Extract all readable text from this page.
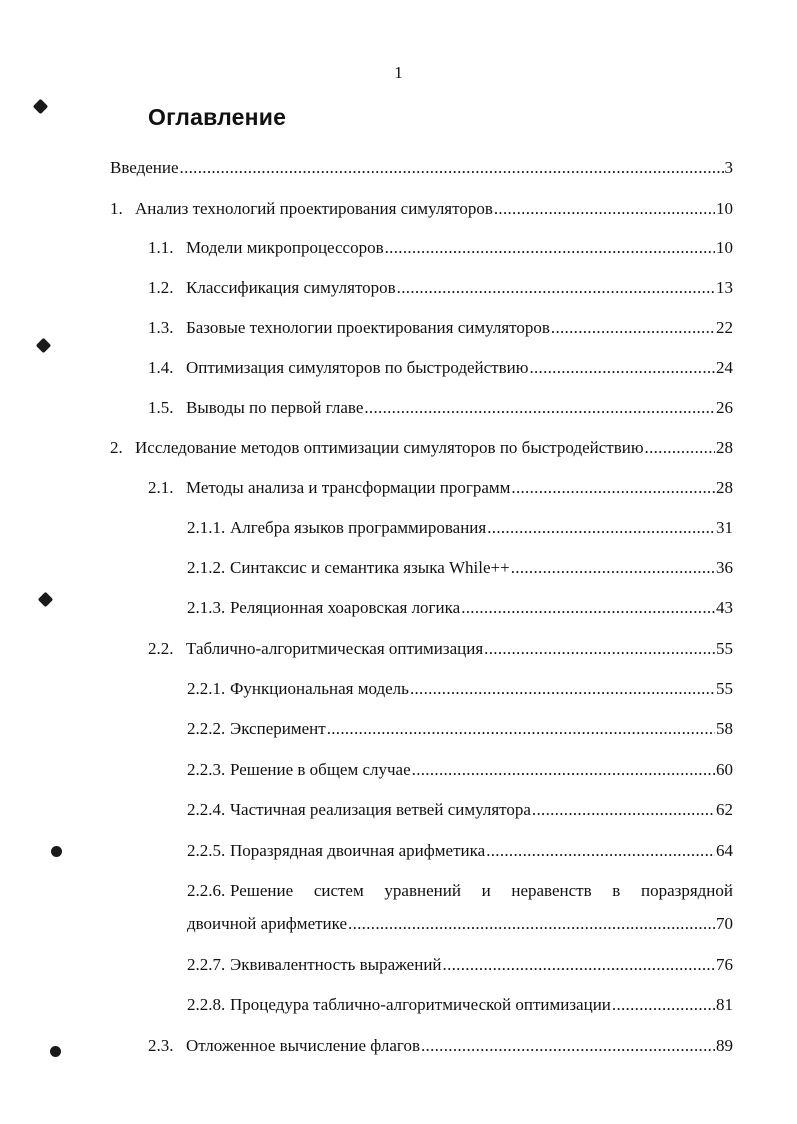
1
Оглавление
Введение .....	3
1. Анализ технологий проектирования симуляторов .....	10
1.1. Модели микропроцессоров .....	10
1.2. Классификация симуляторов .....	13
1.3. Базовые технологии проектирования симуляторов .....	22
1.4. Оптимизация симуляторов по быстродействию .....	24
1.5. Выводы по первой главе .....	26
2. Исследование методов оптимизации симуляторов по быстродействию .....	28
2.1. Методы анализа и трансформации программ .....	28
2.1.1. Алгебра языков программирования .....	31
2.1.2. Синтаксис и семантика языка While++ .....	36
2.1.3. Реляционная хоаровская логика .....	43
2.2. Таблично-алгоритмическая оптимизация .....	55
2.2.1. Функциональная модель .....	55
2.2.2. Эксперимент .....	58
2.2.3. Решение в общем случае .....	60
2.2.4. Частичная реализация ветвей симулятора .....	62
2.2.5. Поразрядная двоичная арифметика .....	64
2.2.6. Решение систем уравнений и неравенств в поразрядной
двоичной арифметике .....	70
2.2.7. Эквивалентность выражений .....	76
2.2.8. Процедура таблично-алгоритмической оптимизации .....	81
2.3. Отложенное вычисление флагов .....	89
